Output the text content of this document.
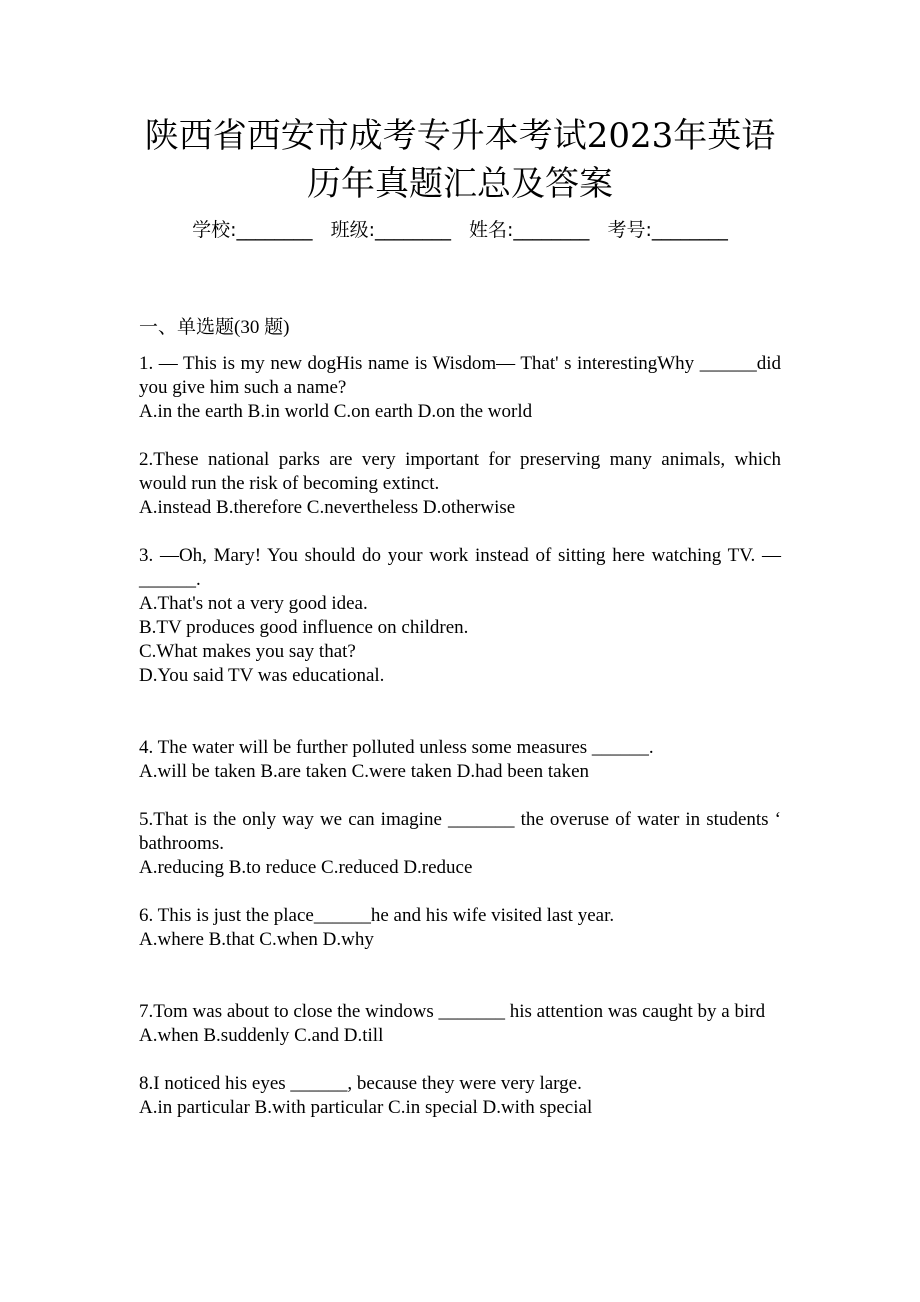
陕西省西安市成考专升本考试2023年英语
历年真题汇总及答案
学校:________ 班级:________ 姓名:________ 考号:________
一、单选题(30 题)
1. — This is my new dogHis name is Wisdom— That' s interestingWhy ______did you give him such a name?
A.in the earth B.in world C.on earth D.on the world
2.These national parks are very important for preserving many animals, which would run the risk of becoming extinct.
A.instead B.therefore C.nevertheless D.otherwise
3. —Oh, Mary! You should do your work instead of sitting here watching TV. —______.
A.That's not a very good idea.
B.TV produces good influence on children.
C.What makes you say that?
D.You said TV was educational.
4. The water will be further polluted unless some measures ______.
A.will be taken B.are taken C.were taken D.had been taken
5.That is the only way we can imagine _______ the overuse of water in students ‘ bathrooms.
A.reducing B.to reduce C.reduced D.reduce
6. This is just the place______he and his wife visited last year.
A.where B.that C.when D.why
7.Tom was about to close the windows _______ his attention was caught by a bird
A.when B.suddenly C.and D.till
8.I noticed his eyes ______, because they were very large.
A.in particular B.with particular C.in special D.with special
